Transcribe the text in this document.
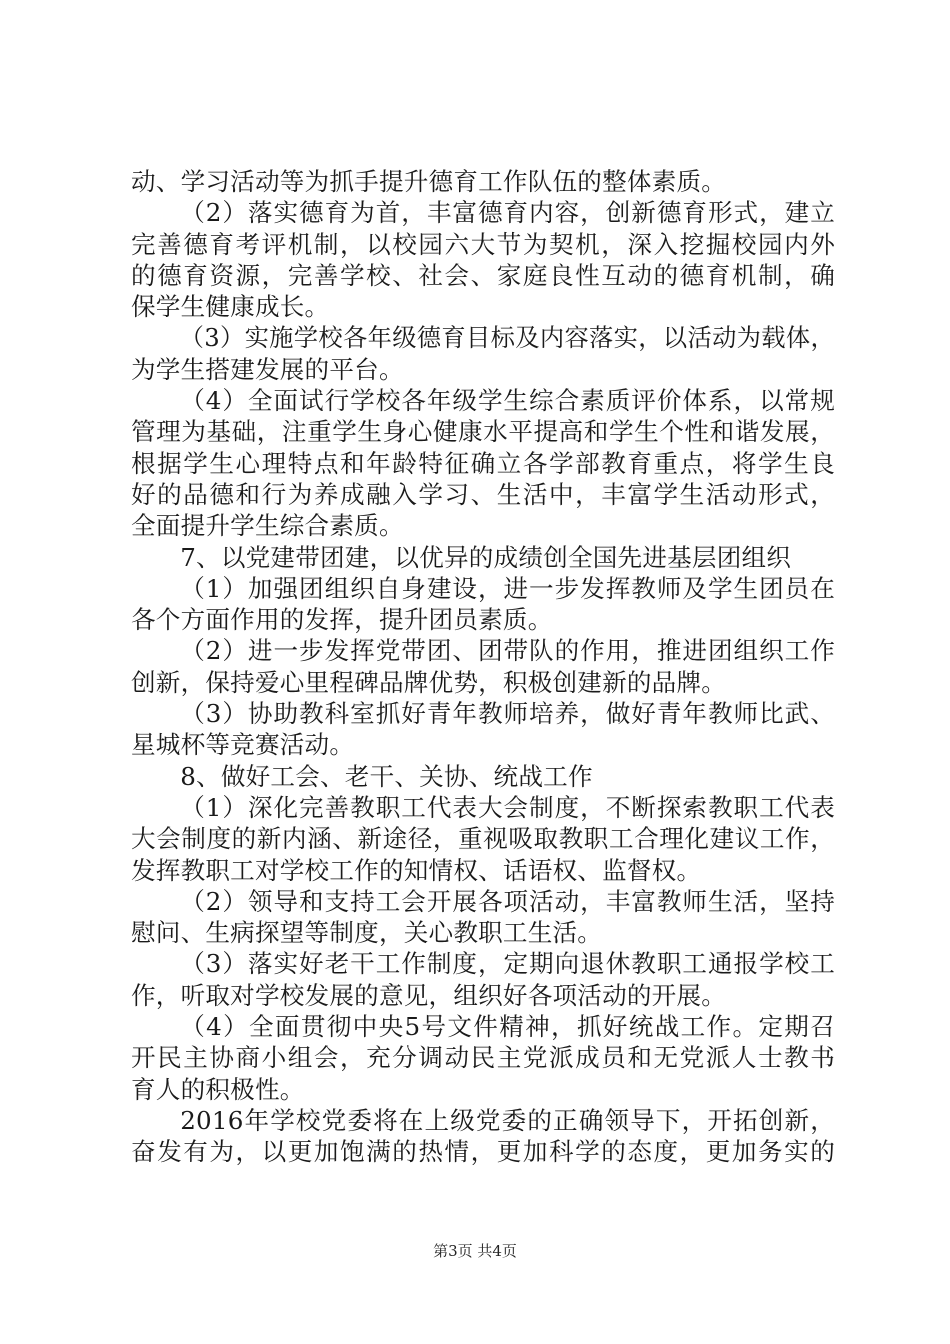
动、学习活动等为抓手提升德育工作队伍的整体素质。
（2）落实德育为首，丰富德育内容，创新德育形式，建立
完善德育考评机制，以校园六大节为契机，深入挖掘校园内外
的德育资源，完善学校、社会、家庭良性互动的德育机制，确
保学生健康成长。
（3）实施学校各年级德育目标及内容落实，以活动为载体，
为学生搭建发展的平台。
（4）全面试行学校各年级学生综合素质评价体系，以常规
管理为基础，注重学生身心健康水平提高和学生个性和谐发展，
根据学生心理特点和年龄特征确立各学部教育重点，将学生良
好的品德和行为养成融入学习、生活中，丰富学生活动形式，
全面提升学生综合素质。
7、以党建带团建，以优异的成绩创全国先进基层团组织
（1）加强团组织自身建设，进一步发挥教师及学生团员在
各个方面作用的发挥，提升团员素质。
（2）进一步发挥党带团、团带队的作用，推进团组织工作
创新，保持爱心里程碑品牌优势，积极创建新的品牌。
（3）协助教科室抓好青年教师培养，做好青年教师比武、
星城杯等竞赛活动。
8、做好工会、老干、关协、统战工作
（1）深化完善教职工代表大会制度，不断探索教职工代表
大会制度的新内涵、新途径，重视吸取教职工合理化建议工作，
发挥教职工对学校工作的知情权、话语权、监督权。
（2）领导和支持工会开展各项活动，丰富教师生活，坚持
慰问、生病探望等制度，关心教职工生活。
（3）落实好老干工作制度，定期向退休教职工通报学校工
作，听取对学校发展的意见，组织好各项活动的开展。
（4）全面贯彻中央5号文件精神，抓好统战工作。定期召
开民主协商小组会，充分调动民主党派成员和无党派人士教书
育人的积极性。
2016年学校党委将在上级党委的正确领导下，开拓创新，
奋发有为，以更加饱满的热情，更加科学的态度，更加务实的
第3页 共4页
